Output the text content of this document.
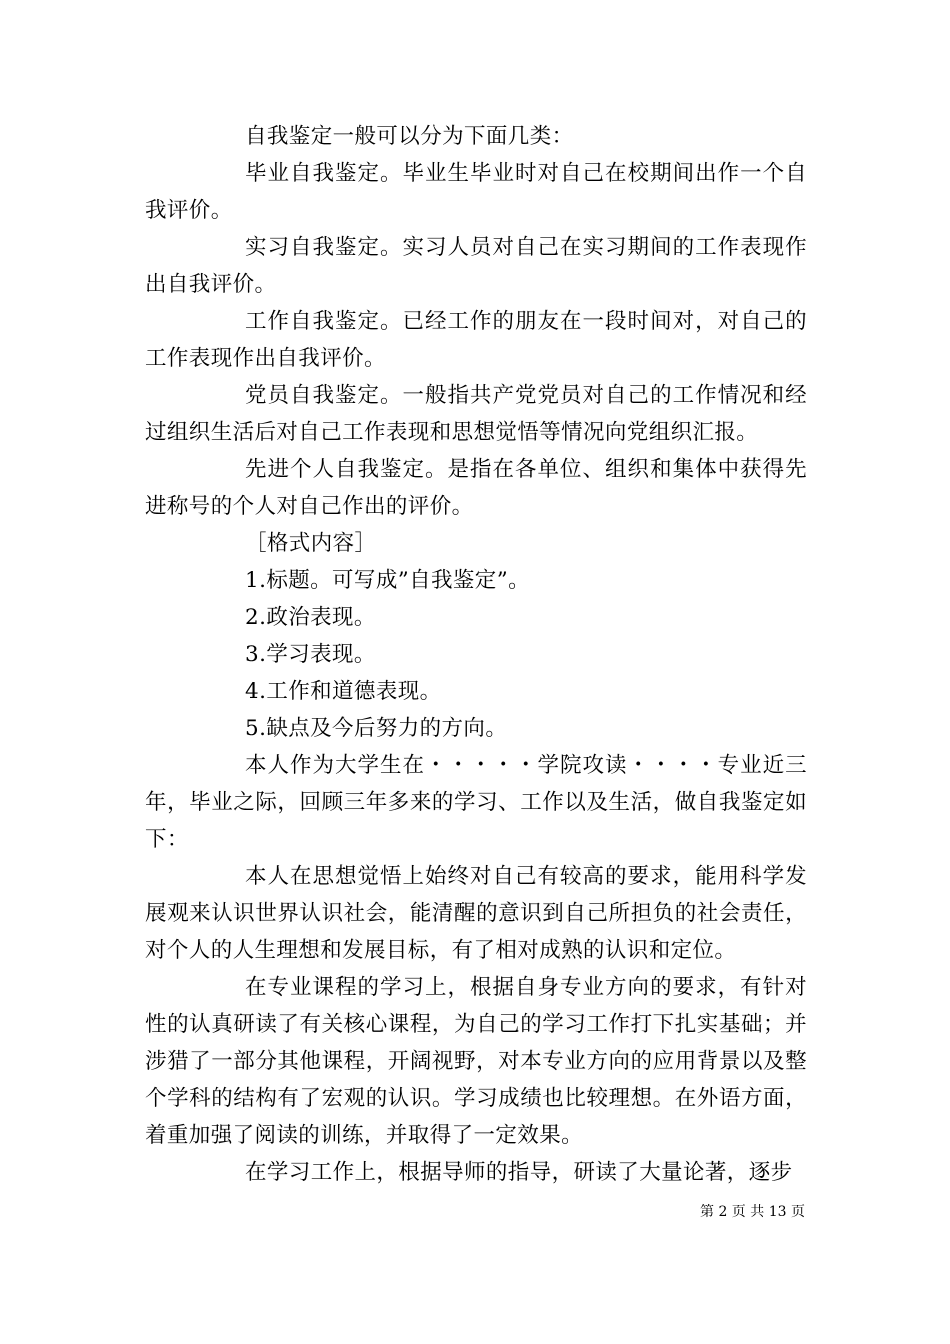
自我鉴定一般可以分为下面几类：

毕业自我鉴定。毕业生毕业时对自己在校期间出作一个自我评价。

实习自我鉴定。实习人员对自己在实习期间的工作表现作出自我评价。

工作自我鉴定。已经工作的朋友在一段时间对，对自己的工作表现作出自我评价。

党员自我鉴定。一般指共产党党员对自己的工作情况和经过组织生活后对自己工作表现和思想觉悟等情况向党组织汇报。

先进个人自我鉴定。是指在各单位、组织和集体中获得先进称号的个人对自己作出的评价。

［格式内容］

1.标题。可写成”自我鉴定”。

2.政治表现。

3.学习表现。

4.工作和道德表现。

5.缺点及今后努力的方向。

本人作为大学生在・・・・・学院攻读・・・・专业近三年，毕业之际，回顾三年多来的学习、工作以及生活，做自我鉴定如下：

本人在思想觉悟上始终对自己有较高的要求，能用科学发展观来认识世界认识社会，能清醒的意识到自己所担负的社会责任，对个人的人生理想和发展目标，有了相对成熟的认识和定位。

在专业课程的学习上，根据自身专业方向的要求，有针对性的认真研读了有关核心课程，为自己的学习工作打下扎实基础；并涉猎了一部分其他课程，开阔视野，对本专业方向的应用背景以及整个学科的结构有了宏观的认识。学习成绩也比较理想。在外语方面，着重加强了阅读的训练，并取得了一定效果。

在学习工作上，根据导师的指导，研读了大量论著，逐步

第 2 页 共 13 页
